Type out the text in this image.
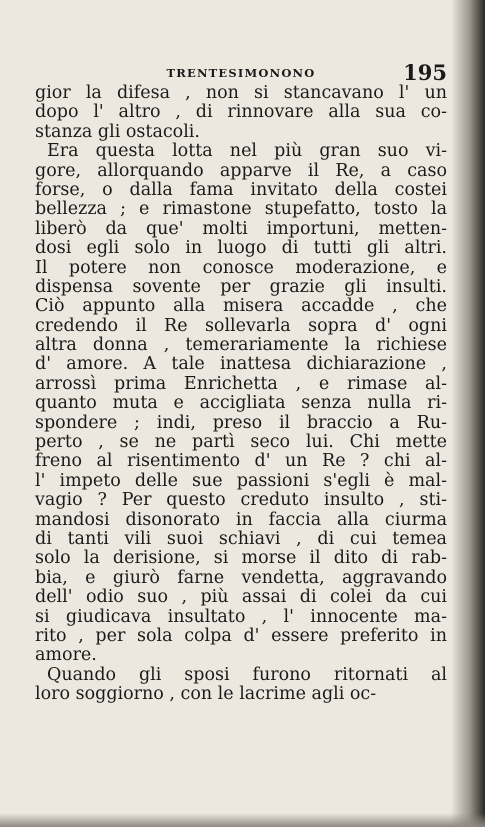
TRENTESIMONONO	195
gior la difesa , non si stancavano l' un
dopo l' altro , di rinnovare alla sua co-
stanza gli ostacoli.
Era questa lotta nel più gran suo vi-
gore, allorquando apparve il Re, a caso
forse, o dalla fama invitato della costei
bellezza ; e rimastone stupefatto, tosto la
liberò da que' molti importuni, metten-
dosi egli solo in luogo di tutti gli altri.
Il potere non conosce moderazione, e
dispensa sovente per grazie gli insulti.
Ciò appunto alla misera accadde , che
credendo il Re sollevarla sopra d' ogni
altra donna , temerariamente la richiese
d' amore. A tale inattesa dichiarazione ,
arrossì prima Enrichetta , e rimase al-
quanto muta e accigliata senza nulla ri-
spondere ; indi, preso il braccio a Ru-
perto , se ne partì seco lui. Chi mette
freno al risentimento d' un Re ? chi al-
l' impeto delle sue passioni s'egli è mal-
vagio ? Per questo creduto insulto , sti-
mandosi disonorato in faccia alla ciurma
di tanti vili suoi schiavi , di cui temea
solo la derisione, si morse il dito di rab-
bia, e giurò farne vendetta, aggravando
dell' odio suo , più assai di colei da cui
si giudicava insultato , l' innocente ma-
rito , per sola colpa d' essere preferito in
amore.
Quando gli sposi furono ritornati al
loro soggiorno , con le lacrime agli oc-
